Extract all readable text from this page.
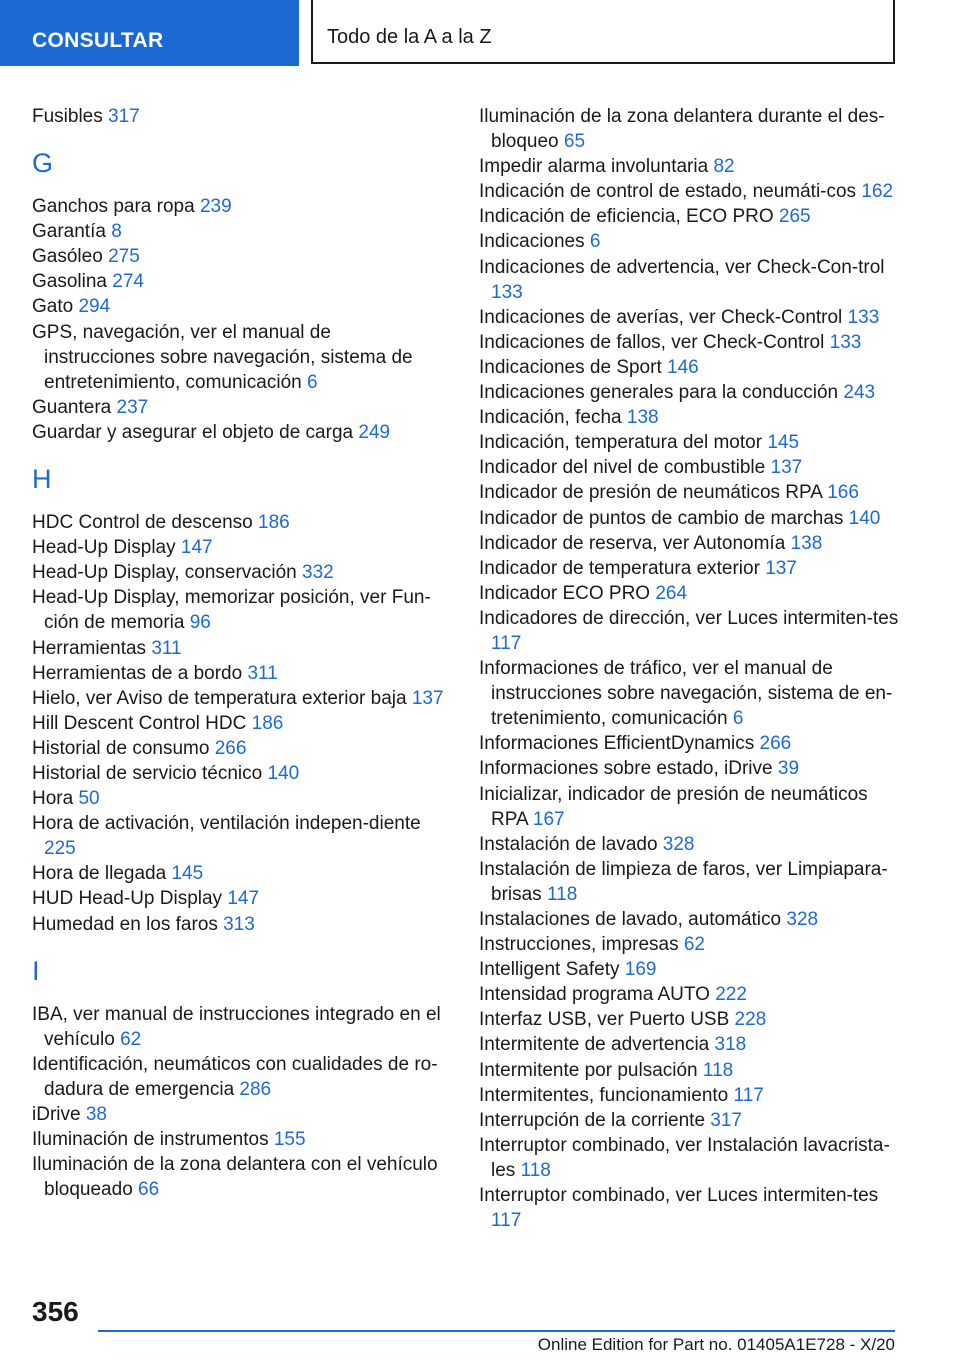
CONSULTAR	Todo de la A a la Z
Fusibles 317
G
Ganchos para ropa 239
Garantía 8
Gasóleo 275
Gasolina 274
Gato 294
GPS, navegación, ver el manual de instrucciones sobre navegación, sistema de entretenimiento, comunicación 6
Guantera 237
Guardar y asegurar el objeto de carga 249
H
HDC Control de descenso 186
Head-Up Display 147
Head-Up Display, conservación 332
Head-Up Display, memorizar posición, ver Fun-ción de memoria 96
Herramientas 311
Herramientas de a bordo 311
Hielo, ver Aviso de temperatura exterior baja 137
Hill Descent Control HDC 186
Historial de consumo 266
Historial de servicio técnico 140
Hora 50
Hora de activación, ventilación indepen-diente 225
Hora de llegada 145
HUD Head-Up Display 147
Humedad en los faros 313
I
IBA, ver manual de instrucciones integrado en el vehículo 62
Identificación, neumáticos con cualidades de ro-dadura de emergencia 286
iDrive 38
Iluminación de instrumentos 155
Iluminación de la zona delantera con el vehículo bloqueado 66
Iluminación de la zona delantera durante el des-bloqueo 65
Impedir alarma involuntaria 82
Indicación de control de estado, neumáti-cos 162
Indicación de eficiencia, ECO PRO 265
Indicaciones 6
Indicaciones de advertencia, ver Check-Con-trol 133
Indicaciones de averías, ver Check-Control 133
Indicaciones de fallos, ver Check-Control 133
Indicaciones de Sport 146
Indicaciones generales para la conducción 243
Indicación, fecha 138
Indicación, temperatura del motor 145
Indicador del nivel de combustible 137
Indicador de presión de neumáticos RPA 166
Indicador de puntos de cambio de marchas 140
Indicador de reserva, ver Autonomía 138
Indicador de temperatura exterior 137
Indicador ECO PRO 264
Indicadores de dirección, ver Luces intermiten-tes 117
Informaciones de tráfico, ver el manual de instrucciones sobre navegación, sistema de en-tretenimiento, comunicación 6
Informaciones EfficientDynamics 266
Informaciones sobre estado, iDrive 39
Inicializar, indicador de presión de neumáticos RPA 167
Instalación de lavado 328
Instalación de limpieza de faros, ver Limpiapara-brisas 118
Instalaciones de lavado, automático 328
Instrucciones, impresas 62
Intelligent Safety 169
Intensidad programa AUTO 222
Interfaz USB, ver Puerto USB 228
Intermitente de advertencia 318
Intermitente por pulsación 118
Intermitentes, funcionamiento 117
Interrupción de la corriente 317
Interruptor combinado, ver Instalación lavacrista-les 118
Interruptor combinado, ver Luces intermiten-tes 117
356
Online Edition for Part no. 01405A1E728 - X/20
